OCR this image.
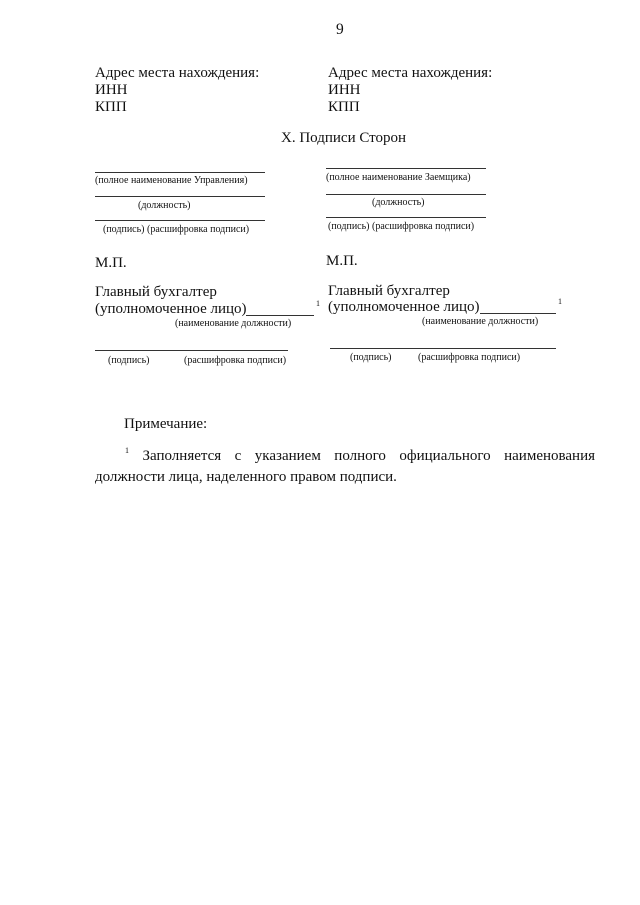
9
Адрес места нахождения:
ИНН
КПП
Адрес места нахождения:
ИНН
КПП
X. Подписи Сторон
(полное наименование Управления)
(должность)
(подпись) (расшифровка подписи)
М.П.
Главный бухгалтер
(уполномоченное лицо)	1
(наименование должности)
(подпись)	(расшифровка подписи)
(полное наименование Заемщика)
(должность)
(подпись) (расшифровка подписи)
М.П.
Главный бухгалтер
(уполномоченное лицо)	1
(наименование должности)
(подпись)	(расшифровка подписи)
Примечание:
$^1$ Заполняется с указанием полного официального наименования должности лица, наделенного правом подписи.
